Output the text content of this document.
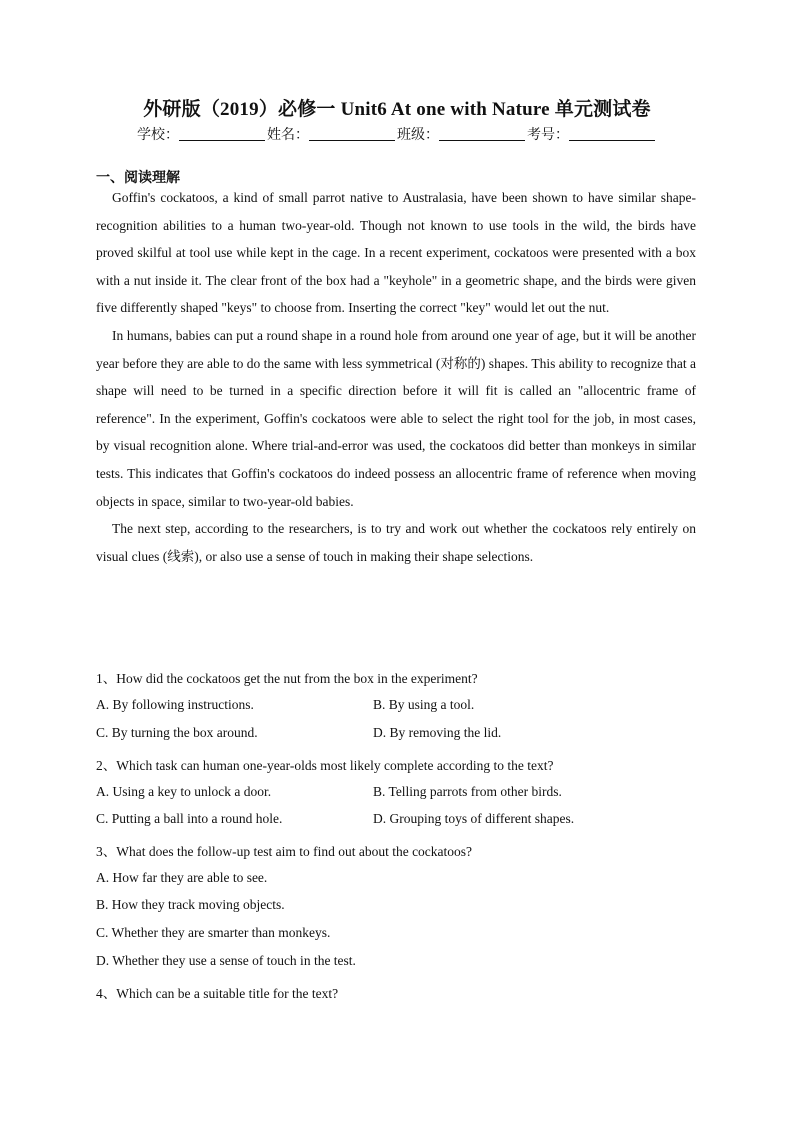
外研版（2019）必修一 Unit6 At one with Nature 单元测试卷
学校：	姓名：	班级：	考号：
一、阅读理解

Goffin's cockatoos, a kind of small parrot native to Australasia, have been shown to have similar shape-recognition abilities to a human two-year-old. Though not known to use tools in the wild, the birds have proved skilful at tool use while kept in the cage. In a recent experiment, cockatoos were presented with a box with a nut inside it. The clear front of the box had a "keyhole" in a geometric shape, and the birds were given five differently shaped "keys" to choose from. Inserting the correct "key" would let out the nut.

In humans, babies can put a round shape in a round hole from around one year of age, but it will be another year before they are able to do the same with less symmetrical (对称的) shapes. This ability to recognize that a shape will need to be turned in a specific direction before it will fit is called an "allocentric frame of reference". In the experiment, Goffin's cockatoos were able to select the right tool for the job, in most cases, by visual recognition alone. Where trial-and-error was used, the cockatoos did better than monkeys in similar tests. This indicates that Goffin's cockatoos do indeed possess an allocentric frame of reference when moving objects in space, similar to two-year-old babies.

The next step, according to the researchers, is to try and work out whether the cockatoos rely entirely on visual clues (线索), or also use a sense of touch in making their shape selections.

1、How did the cockatoos get the nut from the box in the experiment?
A. By following instructions.	B. By using a tool.
C. By turning the box around.	D. By removing the lid.
2、Which task can human one-year-olds most likely complete according to the text?
A. Using a key to unlock a door.	B. Telling parrots from other birds.
C. Putting a ball into a round hole.	D. Grouping toys of different shapes.
3、What does the follow-up test aim to find out about the cockatoos?
A. How far they are able to see.
B. How they track moving objects.
C. Whether they are smarter than monkeys.
D. Whether they use a sense of touch in the test.
4、Which can be a suitable title for the text?
